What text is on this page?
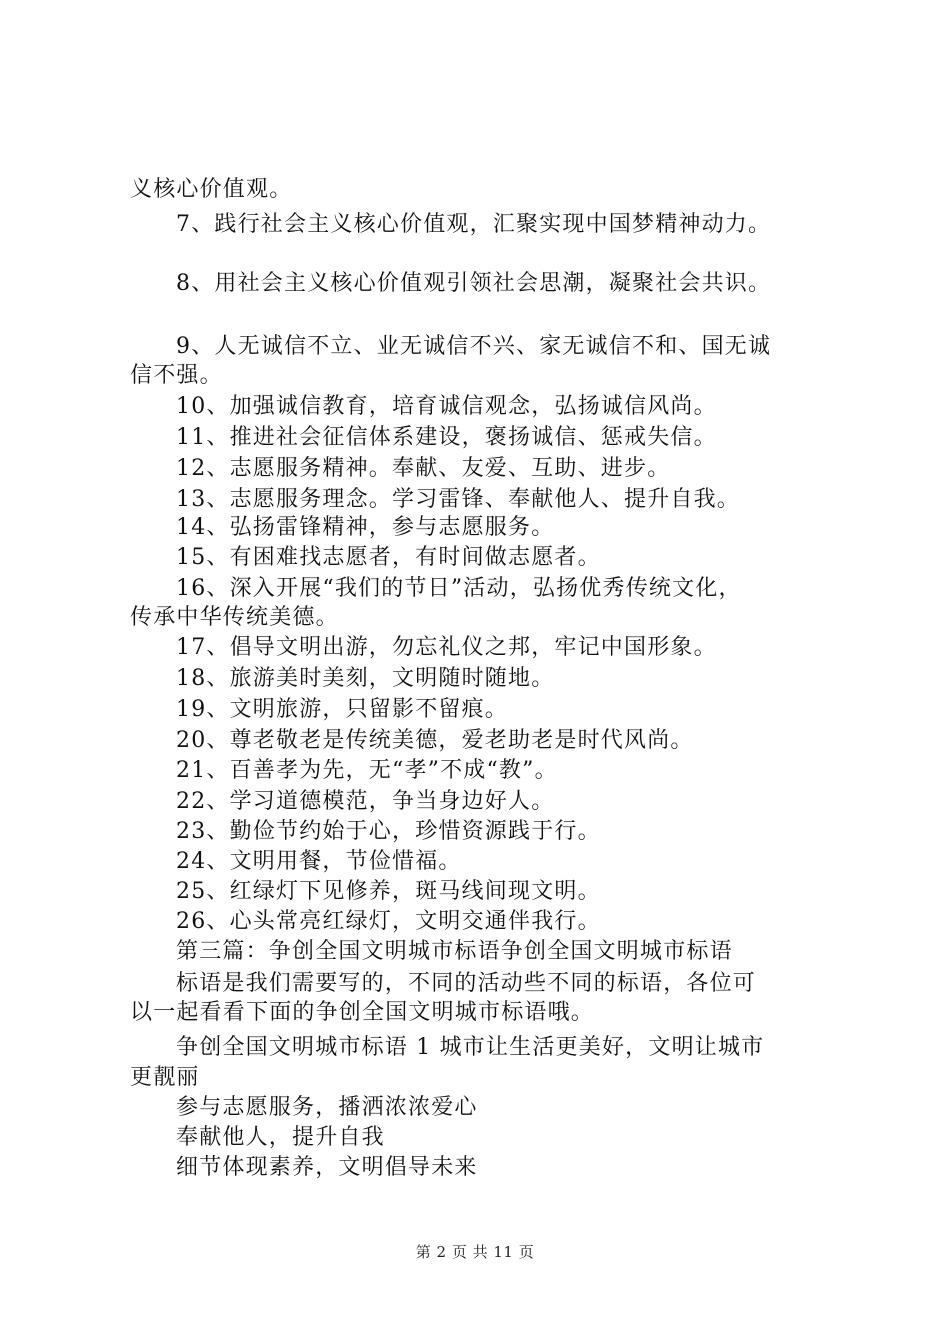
义核心价值观。
7、践行社会主义核心价值观，汇聚实现中国梦精神动力。
8、用社会主义核心价值观引领社会思潮，凝聚社会共识。
9、人无诚信不立、业无诚信不兴、家无诚信不和、国无诚
信不强。
10、加强诚信教育，培育诚信观念，弘扬诚信风尚。
11、推进社会征信体系建设，褒扬诚信、惩戒失信。
12、志愿服务精神。奉献、友爱、互助、进步。
13、志愿服务理念。学习雷锋、奉献他人、提升自我。
14、弘扬雷锋精神，参与志愿服务。
15、有困难找志愿者，有时间做志愿者。
16、深入开展“我们的节日”活动，弘扬优秀传统文化，
传承中华传统美德。
17、倡导文明出游，勿忘礼仪之邦，牢记中国形象。
18、旅游美时美刻，文明随时随地。
19、文明旅游，只留影不留痕。
20、尊老敬老是传统美德，爱老助老是时代风尚。
21、百善孝为先，无“孝”不成“教”。
22、学习道德模范，争当身边好人。
23、勤俭节约始于心，珍惜资源践于行。
24、文明用餐，节俭惜福。
25、红绿灯下见修养，斑马线间现文明。
26、心头常亮红绿灯，文明交通伴我行。
第三篇：争创全国文明城市标语争创全国文明城市标语
标语是我们需要写的，不同的活动些不同的标语，各位可
以一起看看下面的争创全国文明城市标语哦。
争创全国文明城市标语 1 城市让生活更美好，文明让城市
更靓丽
参与志愿服务，播洒浓浓爱心
奉献他人，提升自我
细节体现素养，文明倡导未来
第 2 页 共 11 页
